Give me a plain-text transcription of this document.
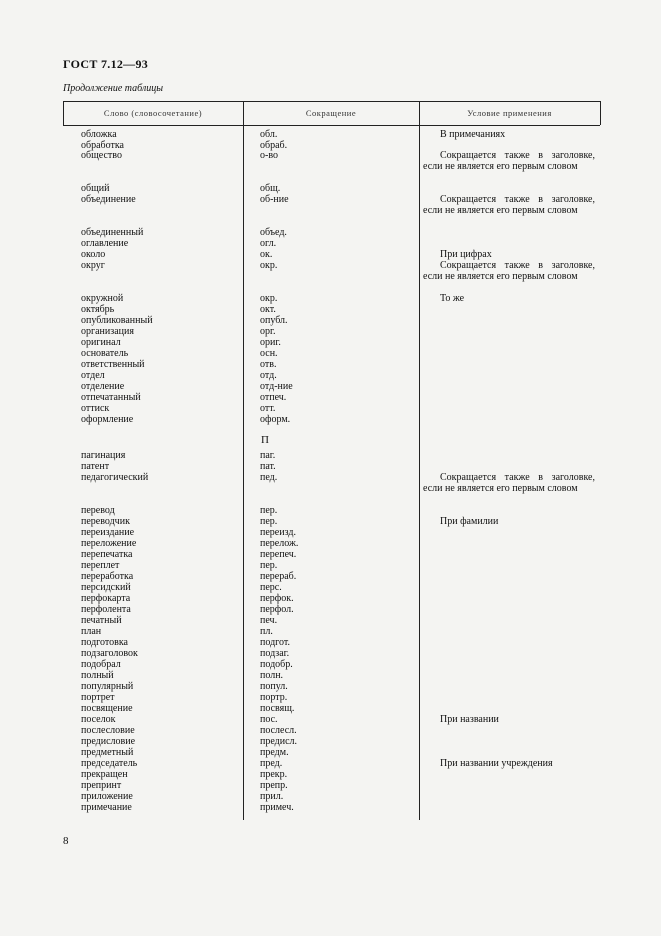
ГОСТ 7.12—93
Продолжение таблицы
Слово (словосочетание)	Сокращение	Условие применения
П
обложка	обл.	В примечаниях
обработка	обраб.
общество	о-во	Сокращается также в заголовке, если не является его первым словом
общий	общ.
объединение	об-ние	Сокращается также в заголовке, если не является его первым словом
объединенный	объед.
оглавление	огл.
около	ок.	При цифрах
округ	окр.	Сокращается также в заголовке, если не является его первым словом
окружной	окр.	То же
октябрь	окт.
опубликованный	опубл.
организация	орг.
оригинал	ориг.
основатель	осн.
ответственный	отв.
отдел	отд.
отделение	отд-ние
отпечатанный	отпеч.
оттиск	отт.
оформление	оформ.
пагинация	паг.
патент	пат.
педагогический	пед.	Сокращается также в заголовке, если не является его первым словом
перевод	пер.
переводчик	пер.	При фамилии
переиздание	переизд.
переложение	перелож.
перепечатка	перепеч.
переплет	пер.
переработка	перераб.
персидский	перс.
перфокарта	перфок.
перфолента	перфол.
печатный	печ.
план	пл.
подготовка	подгот.
подзаголовок	подзаг.
подобрал	подобр.
полный	полн.
популярный	попул.
портрет	портр.
посвящение	посвящ.
поселок	пос.	При названии
послесловие	послесл.
предисловие	предисл.
предметный	предм.
председатель	пред.	При названии учреждения
прекращен	прекр.
препринт	препр.
приложение	прил.
примечание	примеч.
8
